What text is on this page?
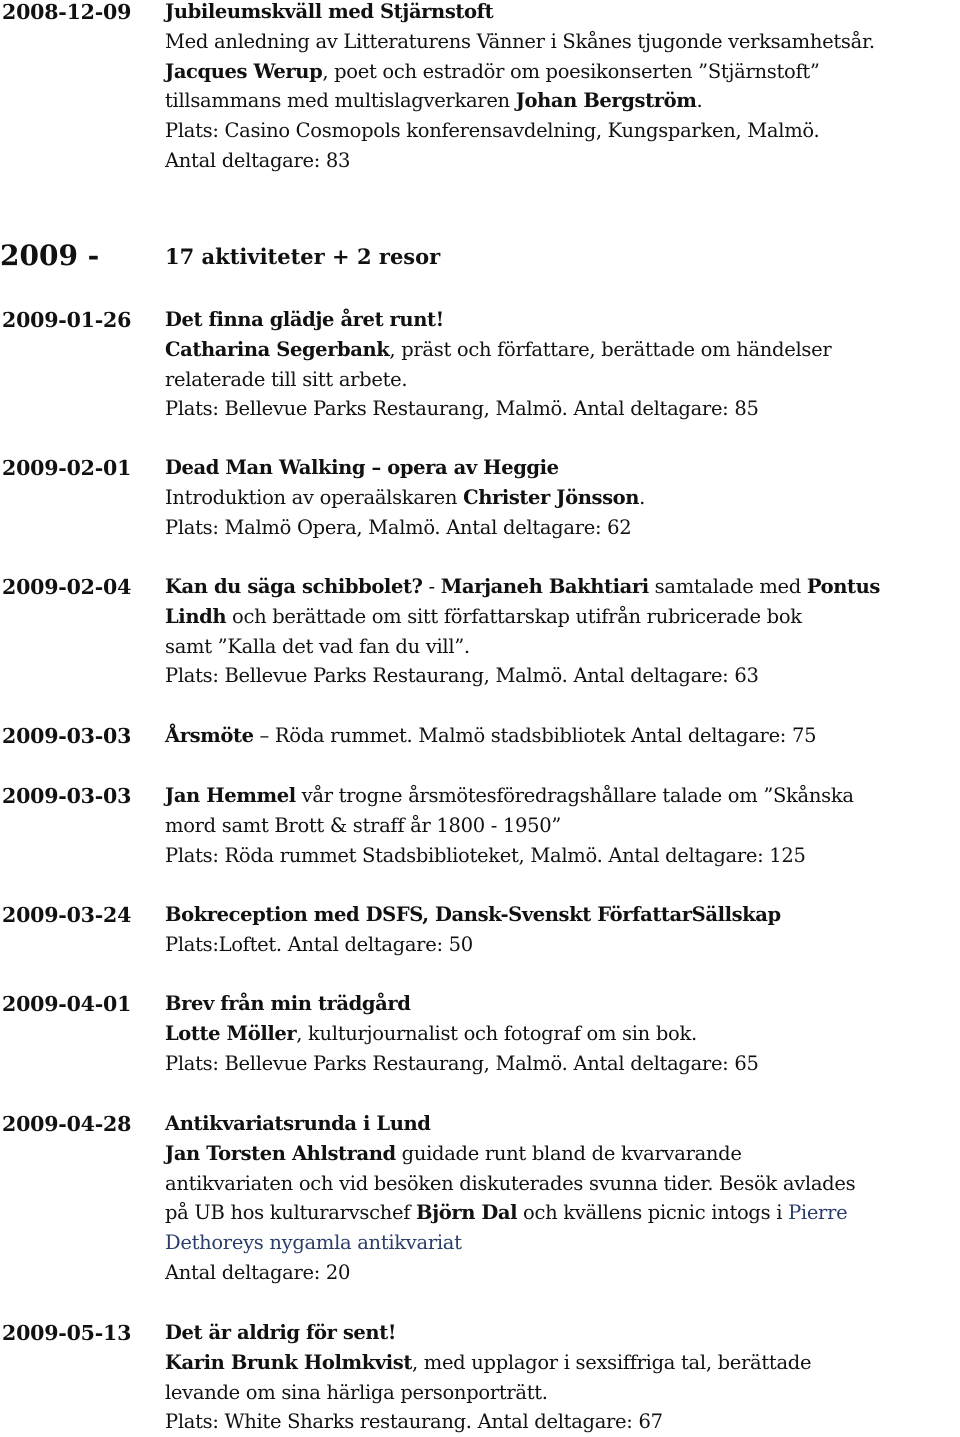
2008-12-09	Jubileumskväll med Stjärnstoft
Med anledning av Litteraturens Vänner i Skånes tjugonde verksamhetsår.
Jacques Werup, poet och estradör om poesikonserten ”Stjärnstoft”
tillsammans med multislagverkaren Johan Bergström.
Plats: Casino Cosmopols konferensavdelning, Kungsparken, Malmö.
Antal deltagare: 83
2009 -	17 aktiviteter + 2 resor
2009-01-26	Det finna glädje året runt!
Catharina Segerbank, präst och författare, berättade om händelser
relaterade till sitt arbete.
Plats: Bellevue Parks Restaurang, Malmö. Antal deltagare: 85
2009-02-01	Dead Man Walking – opera av Heggie
Introduktion av operaälskaren Christer Jönsson.
Plats: Malmö Opera, Malmö. Antal deltagare: 62
2009-02-04	Kan du säga schibbolet? - Marjaneh Bakhtiari samtalade med Pontus
Lindh och berättade om sitt författarskap utifrån rubricerade bok
samt ”Kalla det vad fan du vill”.
Plats: Bellevue Parks Restaurang, Malmö. Antal deltagare: 63
2009-03-03	Årsmöte – Röda rummet. Malmö stadsbibliotek Antal deltagare: 75
2009-03-03	Jan Hemmel vår trogne årsmötesföredragshållare talade om ”Skånska
mord samt Brott & straff år 1800 - 1950”
Plats: Röda rummet Stadsbiblioteket, Malmö. Antal deltagare: 125
2009-03-24	Bokreception med DSFS, Dansk-Svenskt FörfattarSällskap
Plats:Loftet. Antal deltagare: 50
2009-04-01	Brev från min trädgård
Lotte Möller, kulturjournalist och fotograf om sin bok.
Plats: Bellevue Parks Restaurang, Malmö. Antal deltagare: 65
2009-04-28	Antikvariatsrunda i Lund
Jan Torsten Ahlstrand guidade runt bland de kvarvarande
antikvariaten och vid besöken diskuterades svunna tider. Besök avlades
på UB hos kulturarvschef Björn Dal och kvällens picnic intogs i Pierre
Dethoreys nygamla antikvariat
Antal deltagare: 20
2009-05-13	Det är aldrig för sent!
Karin Brunk Holmkvist, med upplagor i sexsiffriga tal, berättade
levande om sina härliga personporträtt.
Plats: White Sharks restaurang. Antal deltagare: 67
